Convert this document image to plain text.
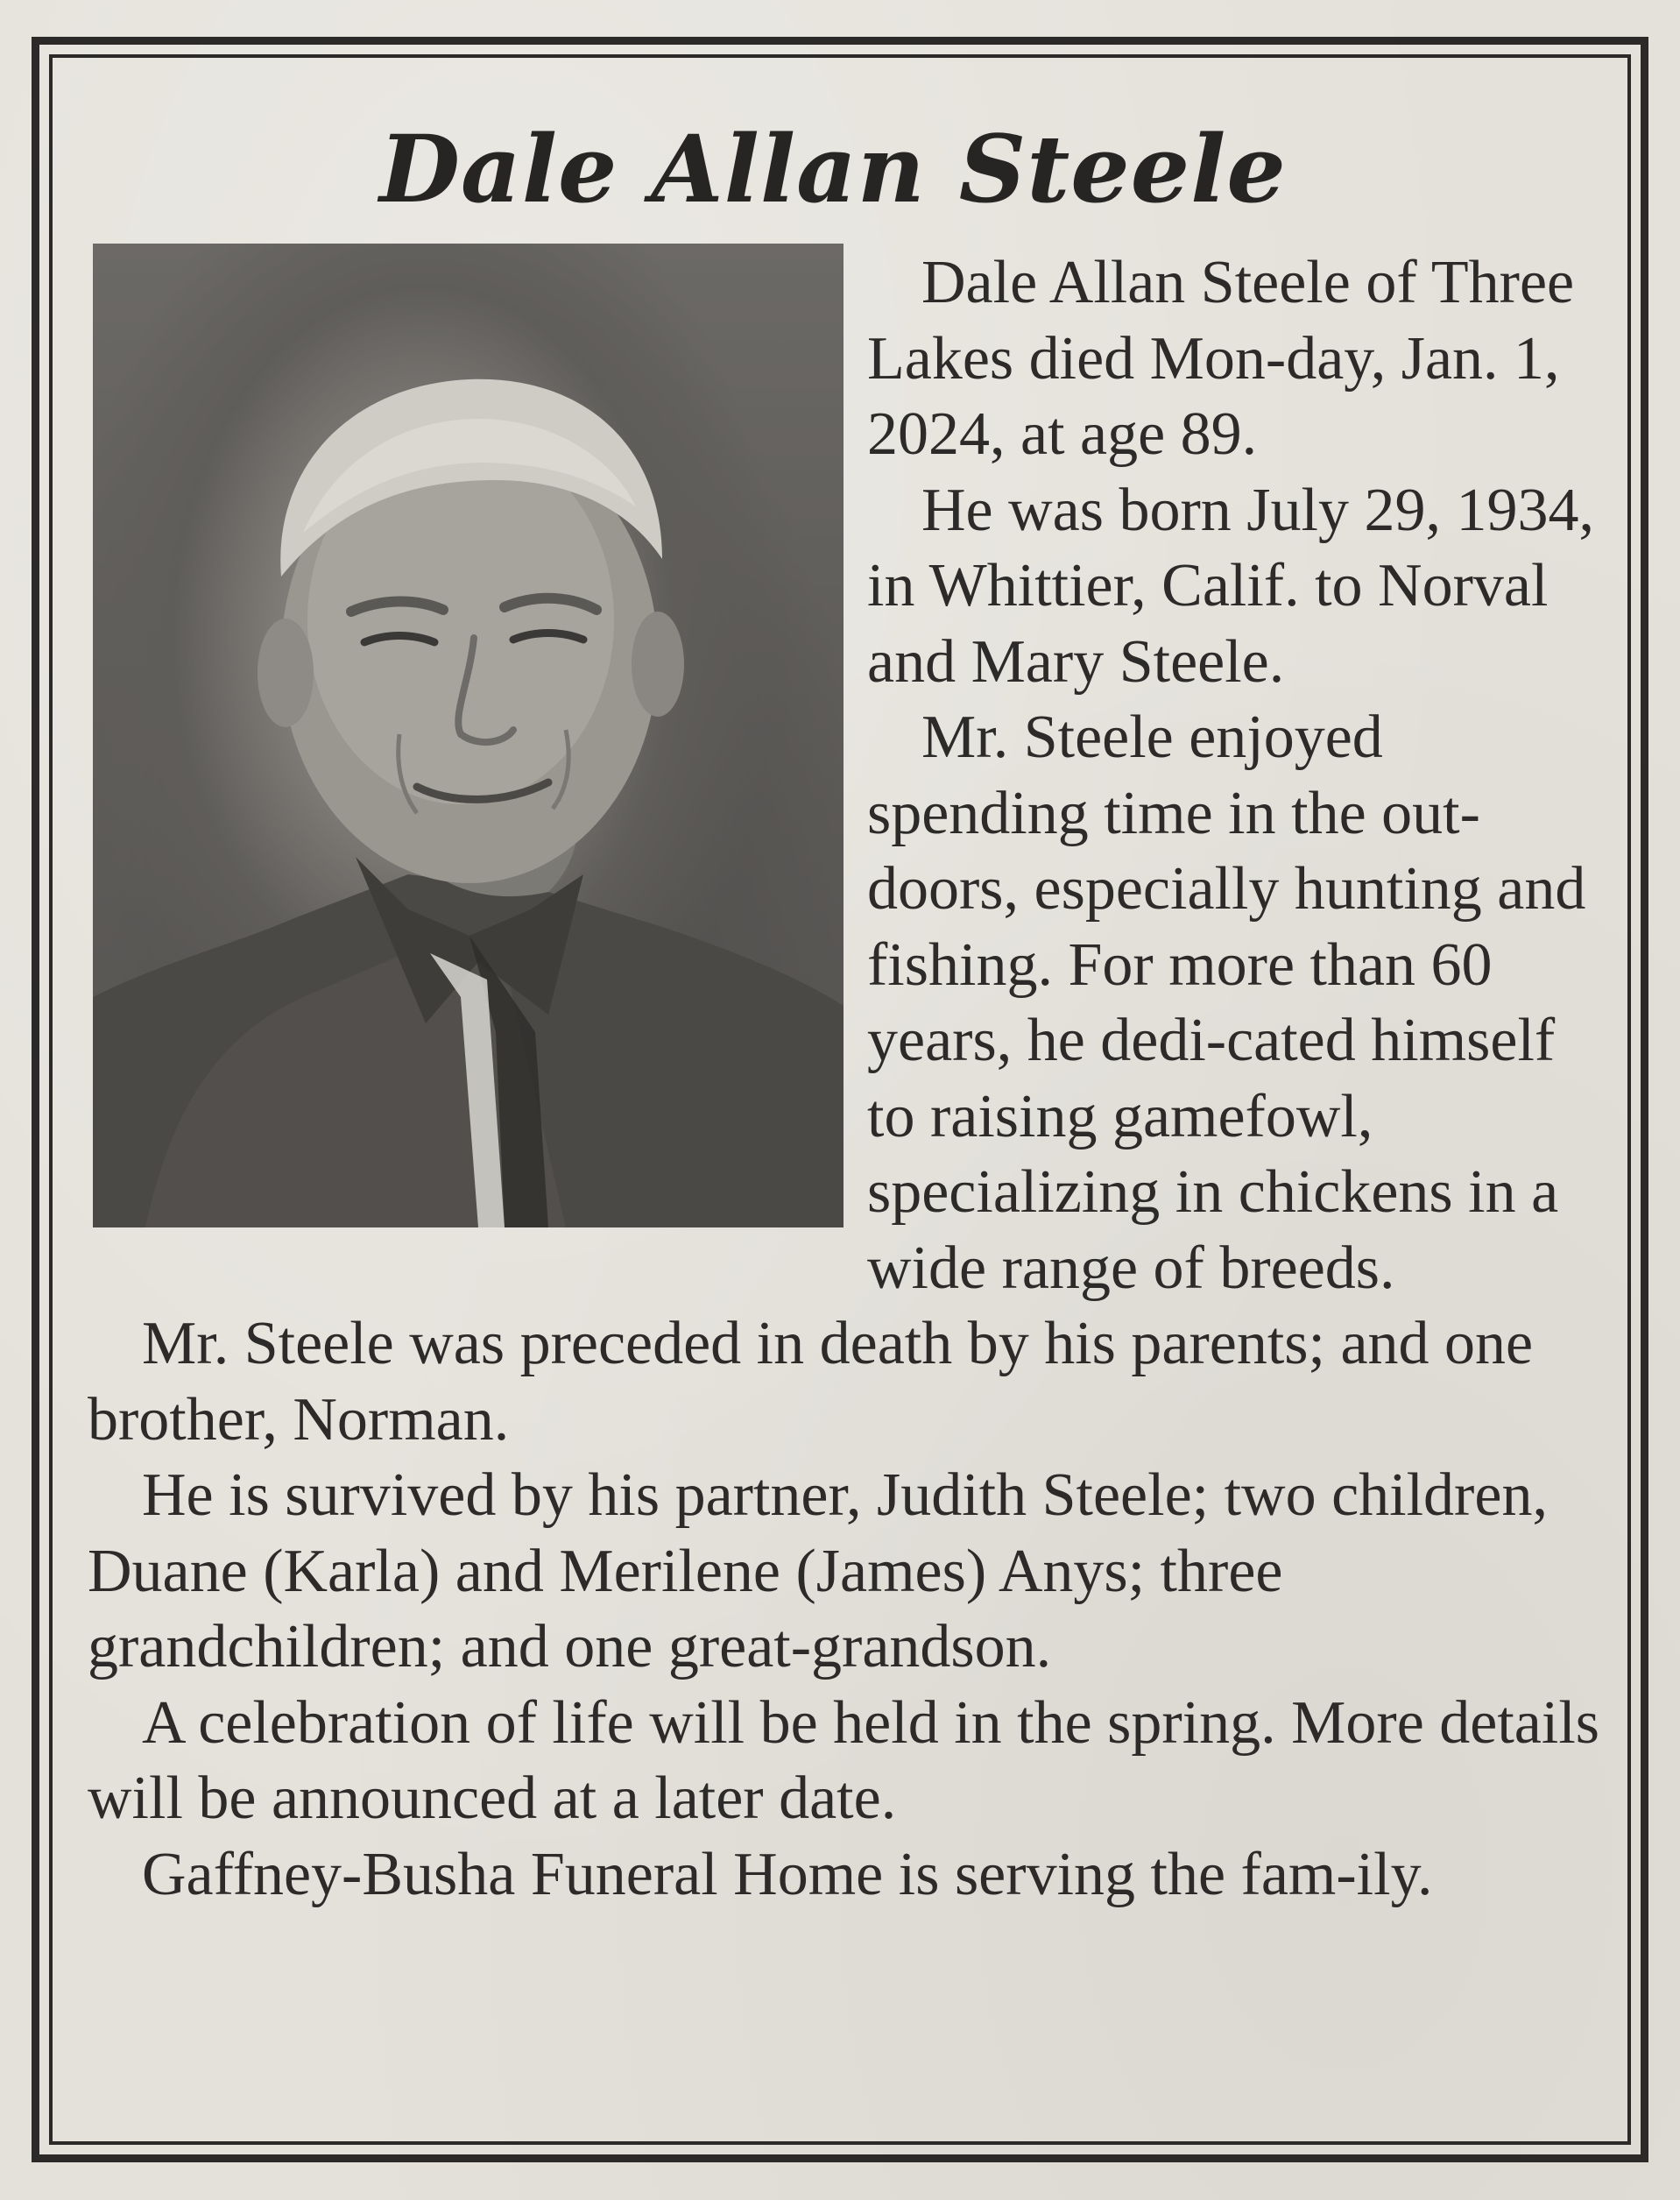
Dale Allan Steele

Dale Allan Steele of Three Lakes died Mon-day, Jan. 1, 2024, at age 89.

He was born July 29, 1934, in Whittier, Calif. to Norval and Mary Steele.

Mr. Steele enjoyed spending time in the out-doors, especially hunting and fishing. For more than 60 years, he dedi-cated himself to raising gamefowl, specializing in chickens in a wide range of breeds.

Mr. Steele was preceded in death by his parents; and one brother, Norman.

He is survived by his partner, Judith Steele; two children, Duane (Karla) and Merilene (James) Anys; three grandchildren; and one great-grandson.

A celebration of life will be held in the spring. More details will be announced at a later date.

Gaffney-Busha Funeral Home is serving the fam-ily.
